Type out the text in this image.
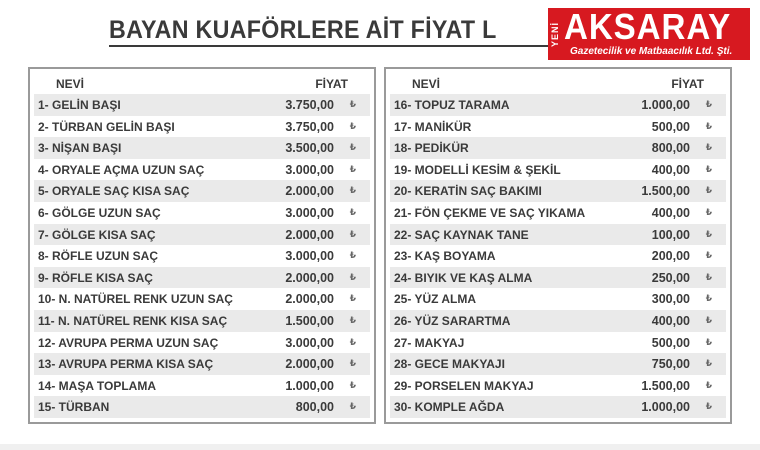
BAYAN KUAFÖRLERE AİT FİYAT L	YENİ AKSARAY
Gazetecilik ve Matbaacılık Ltd. Şti.
NEVİ	FİYAT
1- GELİN BAŞI	3.750,00 ₺
2- TÜRBAN GELİN BAŞI	3.750,00 ₺
3- NİŞAN BAŞI	3.500,00 ₺
4- ORYALE AÇMA UZUN SAÇ	3.000,00 ₺
5- ORYALE SAÇ KISA SAÇ	2.000,00 ₺
6- GÖLGE UZUN SAÇ	3.000,00 ₺
7- GÖLGE KISA SAÇ	2.000,00 ₺
8- RÖFLE UZUN SAÇ	3.000,00 ₺
9- RÖFLE KISA SAÇ	2.000,00 ₺
10- N. NATÜREL RENK UZUN SAÇ	2.000,00 ₺
11- N. NATÜREL RENK KISA SAÇ	1.500,00 ₺
12- AVRUPA PERMA UZUN SAÇ	3.000,00 ₺
13- AVRUPA PERMA KISA SAÇ	2.000,00 ₺
14- MAŞA TOPLAMA	1.000,00 ₺
15- TÜRBAN	800,00 ₺
NEVİ	FİYAT
16- TOPUZ TARAMA	1.000,00 ₺
17- MANİKÜR	500,00 ₺
18- PEDİKÜR	800,00 ₺
19- MODELLİ KESİM & ŞEKİL	400,00 ₺
20- KERATİN SAÇ BAKIMI	1.500,00 ₺
21- FÖN ÇEKME VE SAÇ YIKAMA	400,00 ₺
22- SAÇ KAYNAK TANE	100,00 ₺
23- KAŞ BOYAMA	200,00 ₺
24- BIYIK VE KAŞ ALMA	250,00 ₺
25- YÜZ ALMA	300,00 ₺
26- YÜZ SARARTMA	400,00 ₺
27- MAKYAJ	500,00 ₺
28- GECE MAKYAJI	750,00 ₺
29- PORSELEN MAKYAJ	1.500,00 ₺
30- KOMPLE AĞDA	1.000,00 ₺
